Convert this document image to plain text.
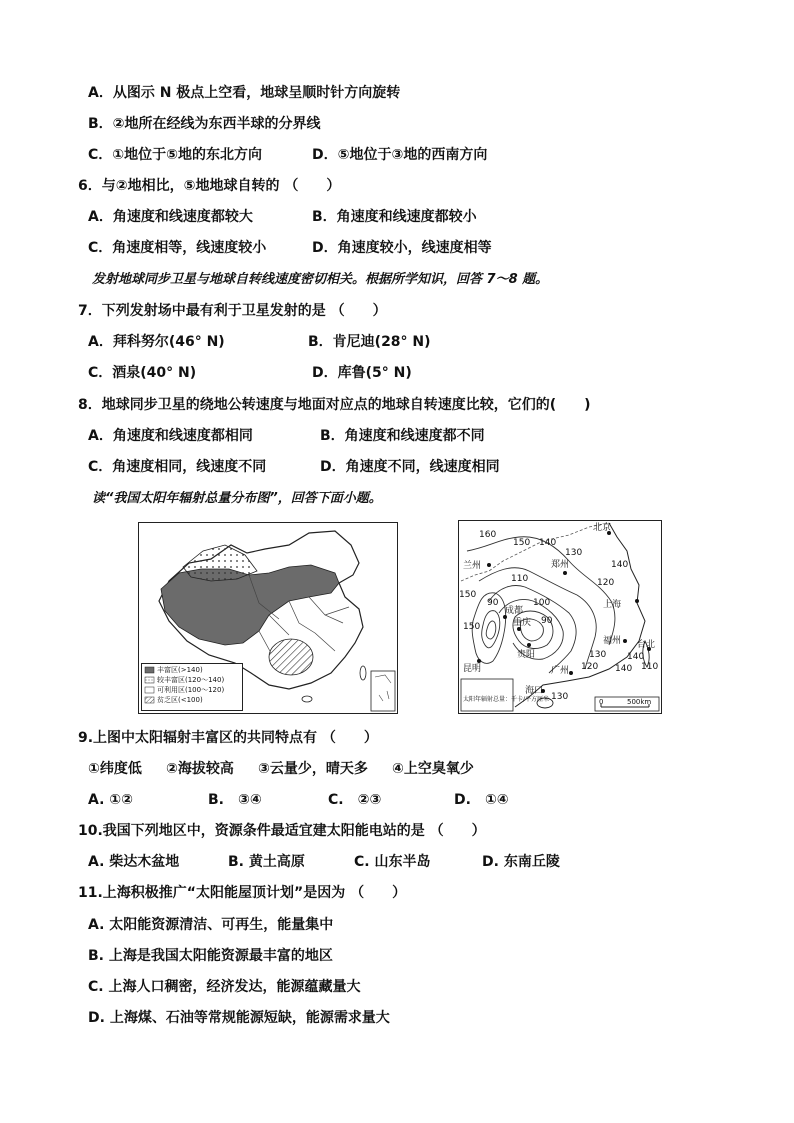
A．从图示 N 极点上空看，地球呈顺时针方向旋转
B．②地所在经线为东西半球的分界线
C．①地位于⑤地的东北方向	D．⑤地位于③地的西南方向
6．与②地相比，⑤地地球自转的 （　　）
A．角速度和线速度都较大	B．角速度和线速度都较小
C．角速度相等，线速度较小	D．角速度较小，线速度相等
发射地球同步卫星与地球自转线速度密切相关。根据所学知识，回答 7～8 题。
7．下列发射场中最有利于卫星发射的是 （　　）
A．拜科努尔(46° N)	B．肯尼迪(28° N)
C．酒泉(40° N)	D．库鲁(5° N)
8．地球同步卫星的绕地公转速度与地面对应点的地球自转速度比较，它们的(　　)
A．角速度和线速度都相同	B．角速度和线速度都不同
C．角速度相同，线速度不同	D．角速度不同，线速度相同
读“我国太阳年辐射总量分布图”，回答下面小题。
丰富区(>140)
较丰富区(120～140)
可利用区(100～120)
贫乏区(<100)
北京
兰州	郑州
成都
重庆
贵阳
上海
福州 台北
昆明	广州
海口
160
150 140
130
110
150
100
90
90
120
140
150
130
120 140 110
140
130
太阳年辐射总量：千卡/平方厘米	0	500km
9.上图中太阳辐射丰富区的共同特点有 （　　）
①纬度低 ②海拔较高 ③云量少，晴天多 ④上空臭氧少
A. ①②	B.　③④	C.　②③	D.　①④
10.我国下列地区中，资源条件最适宜建太阳能电站的是 （　　）
A. 柴达木盆地	B. 黄土高原	C. 山东半岛	D. 东南丘陵
11.上海积极推广“太阳能屋顶计划”是因为 （　　）
A. 太阳能资源清洁、可再生，能量集中
B. 上海是我国太阳能资源最丰富的地区
C. 上海人口稠密，经济发达，能源蕴藏量大
D. 上海煤、石油等常规能源短缺，能源需求量大
